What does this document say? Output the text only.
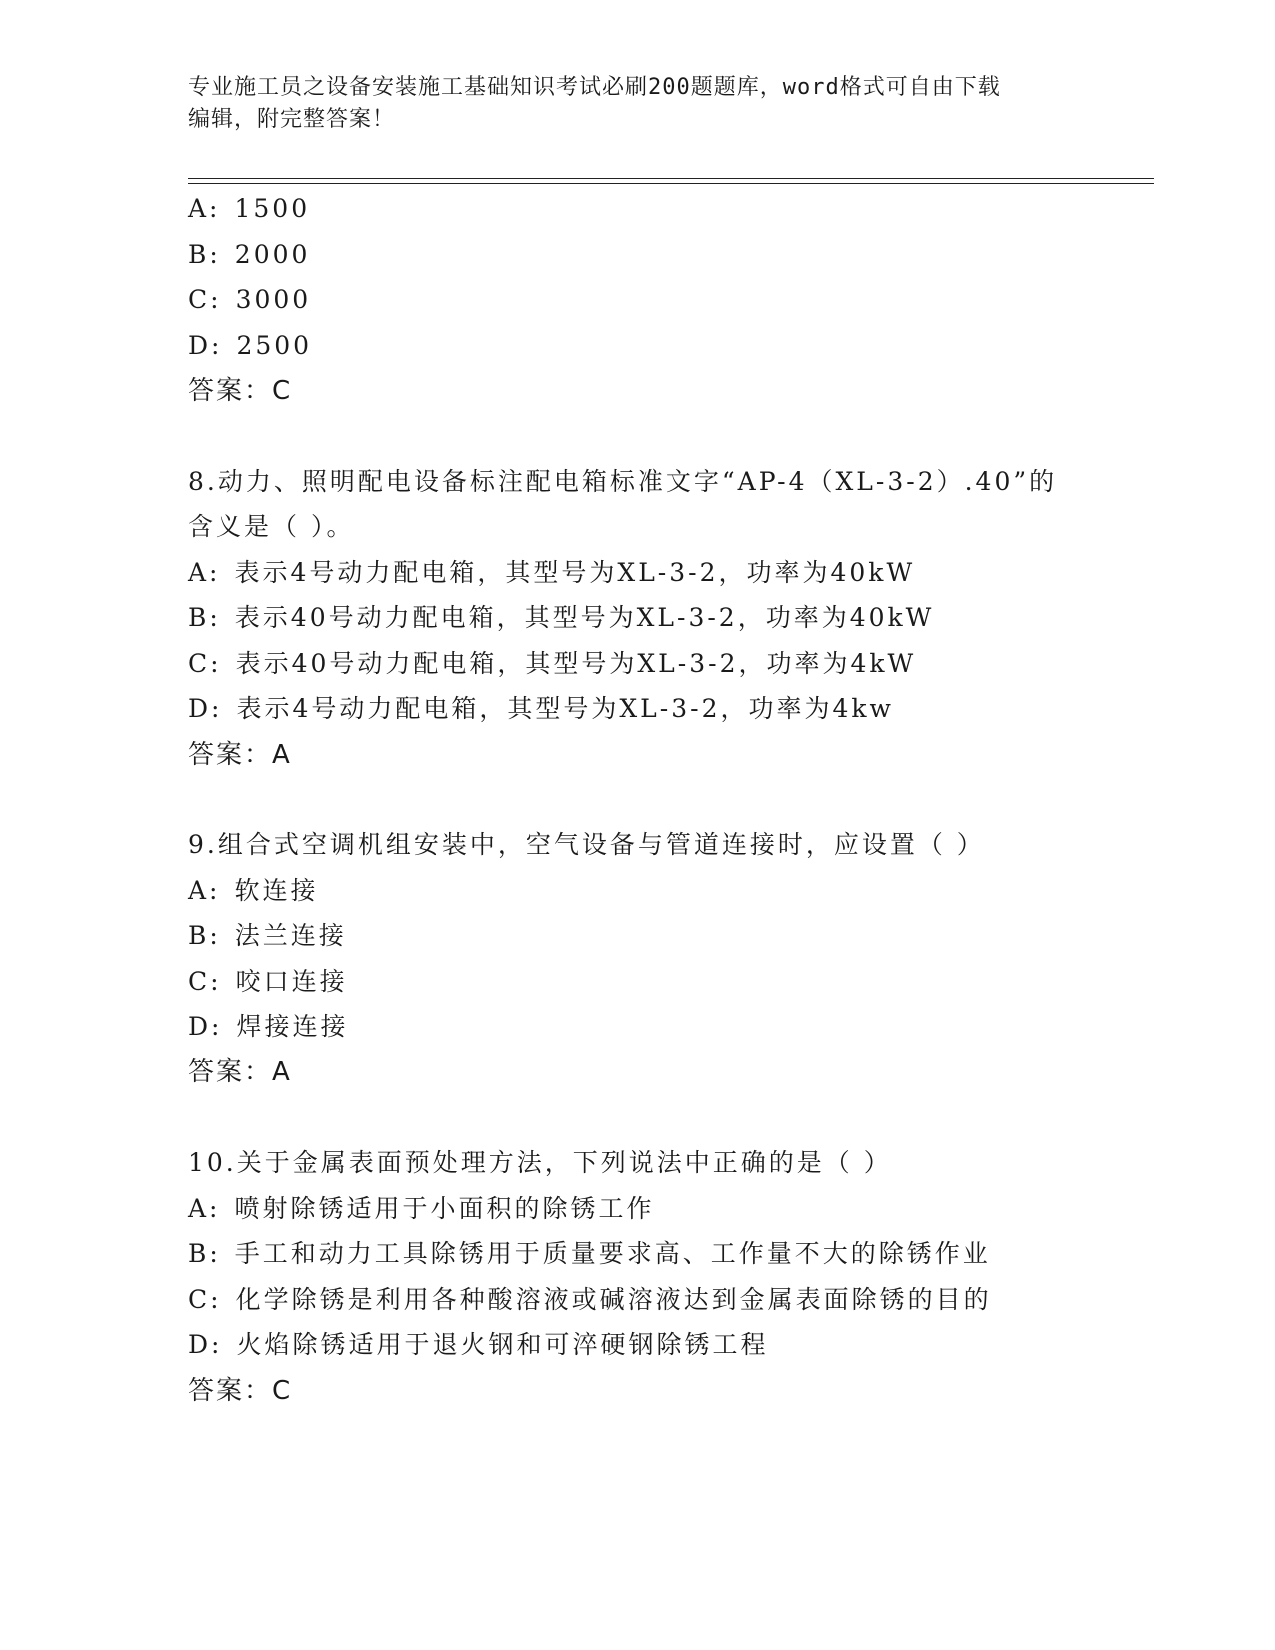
专业施工员之设备安装施工基础知识考试必刷200题题库，word格式可自由下载
编辑，附完整答案！
A: 1500
B: 2000
C: 3000
D: 2500
答案：C
8.动力、照明配电设备标注配电箱标准文字“AP-4（XL-3-2）.40”的
含义是（ ）。
A: 表示4号动力配电箱，其型号为XL-3-2，功率为40kW
B: 表示40号动力配电箱，其型号为XL-3-2，功率为40kW
C: 表示40号动力配电箱，其型号为XL-3-2，功率为4kW
D: 表示4号动力配电箱，其型号为XL-3-2，功率为4kw
答案：A
9.组合式空调机组安装中，空气设备与管道连接时，应设置（ ）
A: 软连接
B: 法兰连接
C: 咬口连接
D: 焊接连接
答案：A
10.关于金属表面预处理方法，下列说法中正确的是（ ）
A: 喷射除锈适用于小面积的除锈工作
B: 手工和动力工具除锈用于质量要求高、工作量不大的除锈作业
C: 化学除锈是利用各种酸溶液或碱溶液达到金属表面除锈的目的
D: 火焰除锈适用于退火钢和可淬硬钢除锈工程
答案：C
